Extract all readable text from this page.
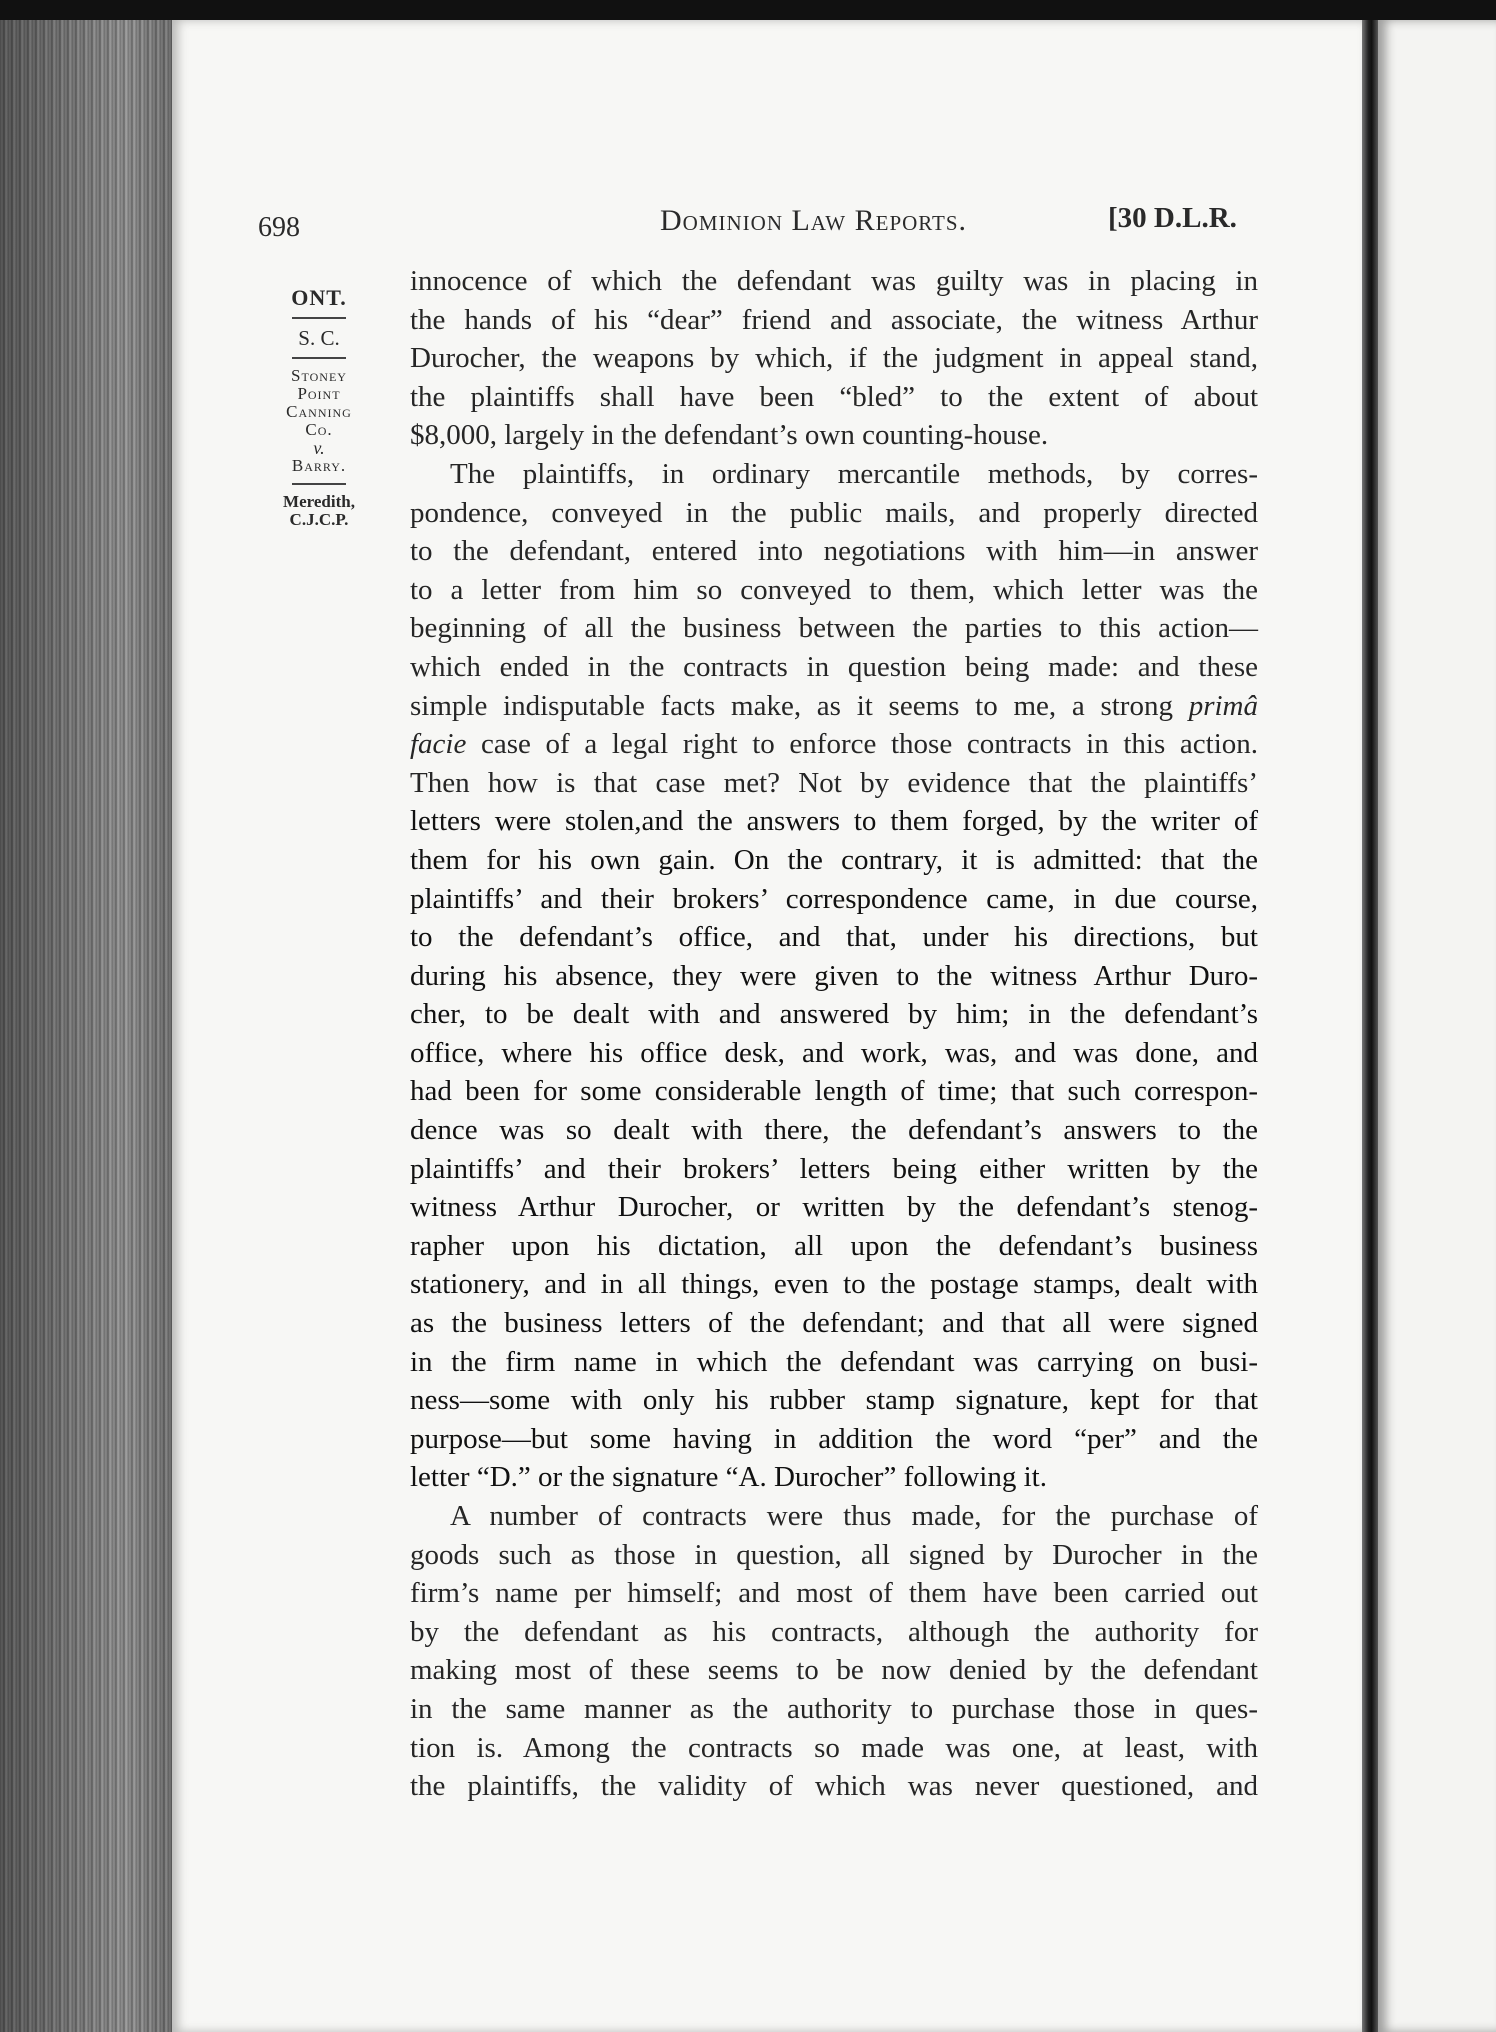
698	Dominion Law Reports.	[30 D.L.R.
ONT.
S. C.
Stoney
Point
Canning
Co.
v.
Barry.
Meredith,
C.J.C.P.

innocence of which the defendant was guilty was in placing in
the hands of his “dear” friend and associate, the witness Arthur
Durocher, the weapons by which, if the judgment in appeal stand,
the plaintiffs shall have been “bled” to the extent of about
$8,000, largely in the defendant’s own counting-house.

The plaintiffs, in ordinary mercantile methods, by corres-
pondence, conveyed in the public mails, and properly directed
to the defendant, entered into negotiations with him—in answer
to a letter from him so conveyed to them, which letter was the
beginning of all the business between the parties to this action—
which ended in the contracts in question being made: and these
simple indisputable facts make, as it seems to me, a strong primâ
facie case of a legal right to enforce those contracts in this action.
Then how is that case met? Not by evidence that the plaintiffs’
letters were stolen,and the answers to them forged, by the writer of
them for his own gain. On the contrary, it is admitted: that the
plaintiffs’ and their brokers’ correspondence came, in due course,
to the defendant’s office, and that, under his directions, but
during his absence, they were given to the witness Arthur Duro-
cher, to be dealt with and answered by him; in the defendant’s
office, where his office desk, and work, was, and was done, and
had been for some considerable length of time; that such correspon-
dence was so dealt with there, the defendant’s answers to the
plaintiffs’ and their brokers’ letters being either written by the
witness Arthur Durocher, or written by the defendant’s stenog-
rapher upon his dictation, all upon the defendant’s business
stationery, and in all things, even to the postage stamps, dealt with
as the business letters of the defendant; and that all were signed
in the firm name in which the defendant was carrying on busi-
ness—some with only his rubber stamp signature, kept for that
purpose—but some having in addition the word “per” and the
letter “D.” or the signature “A. Durocher” following it.

A number of contracts were thus made, for the purchase of
goods such as those in question, all signed by Durocher in the
firm’s name per himself; and most of them have been carried out
by the defendant as his contracts, although the authority for
making most of these seems to be now denied by the defendant
in the same manner as the authority to purchase those in ques-
tion is. Among the contracts so made was one, at least, with
the plaintiffs, the validity of which was never questioned, and
